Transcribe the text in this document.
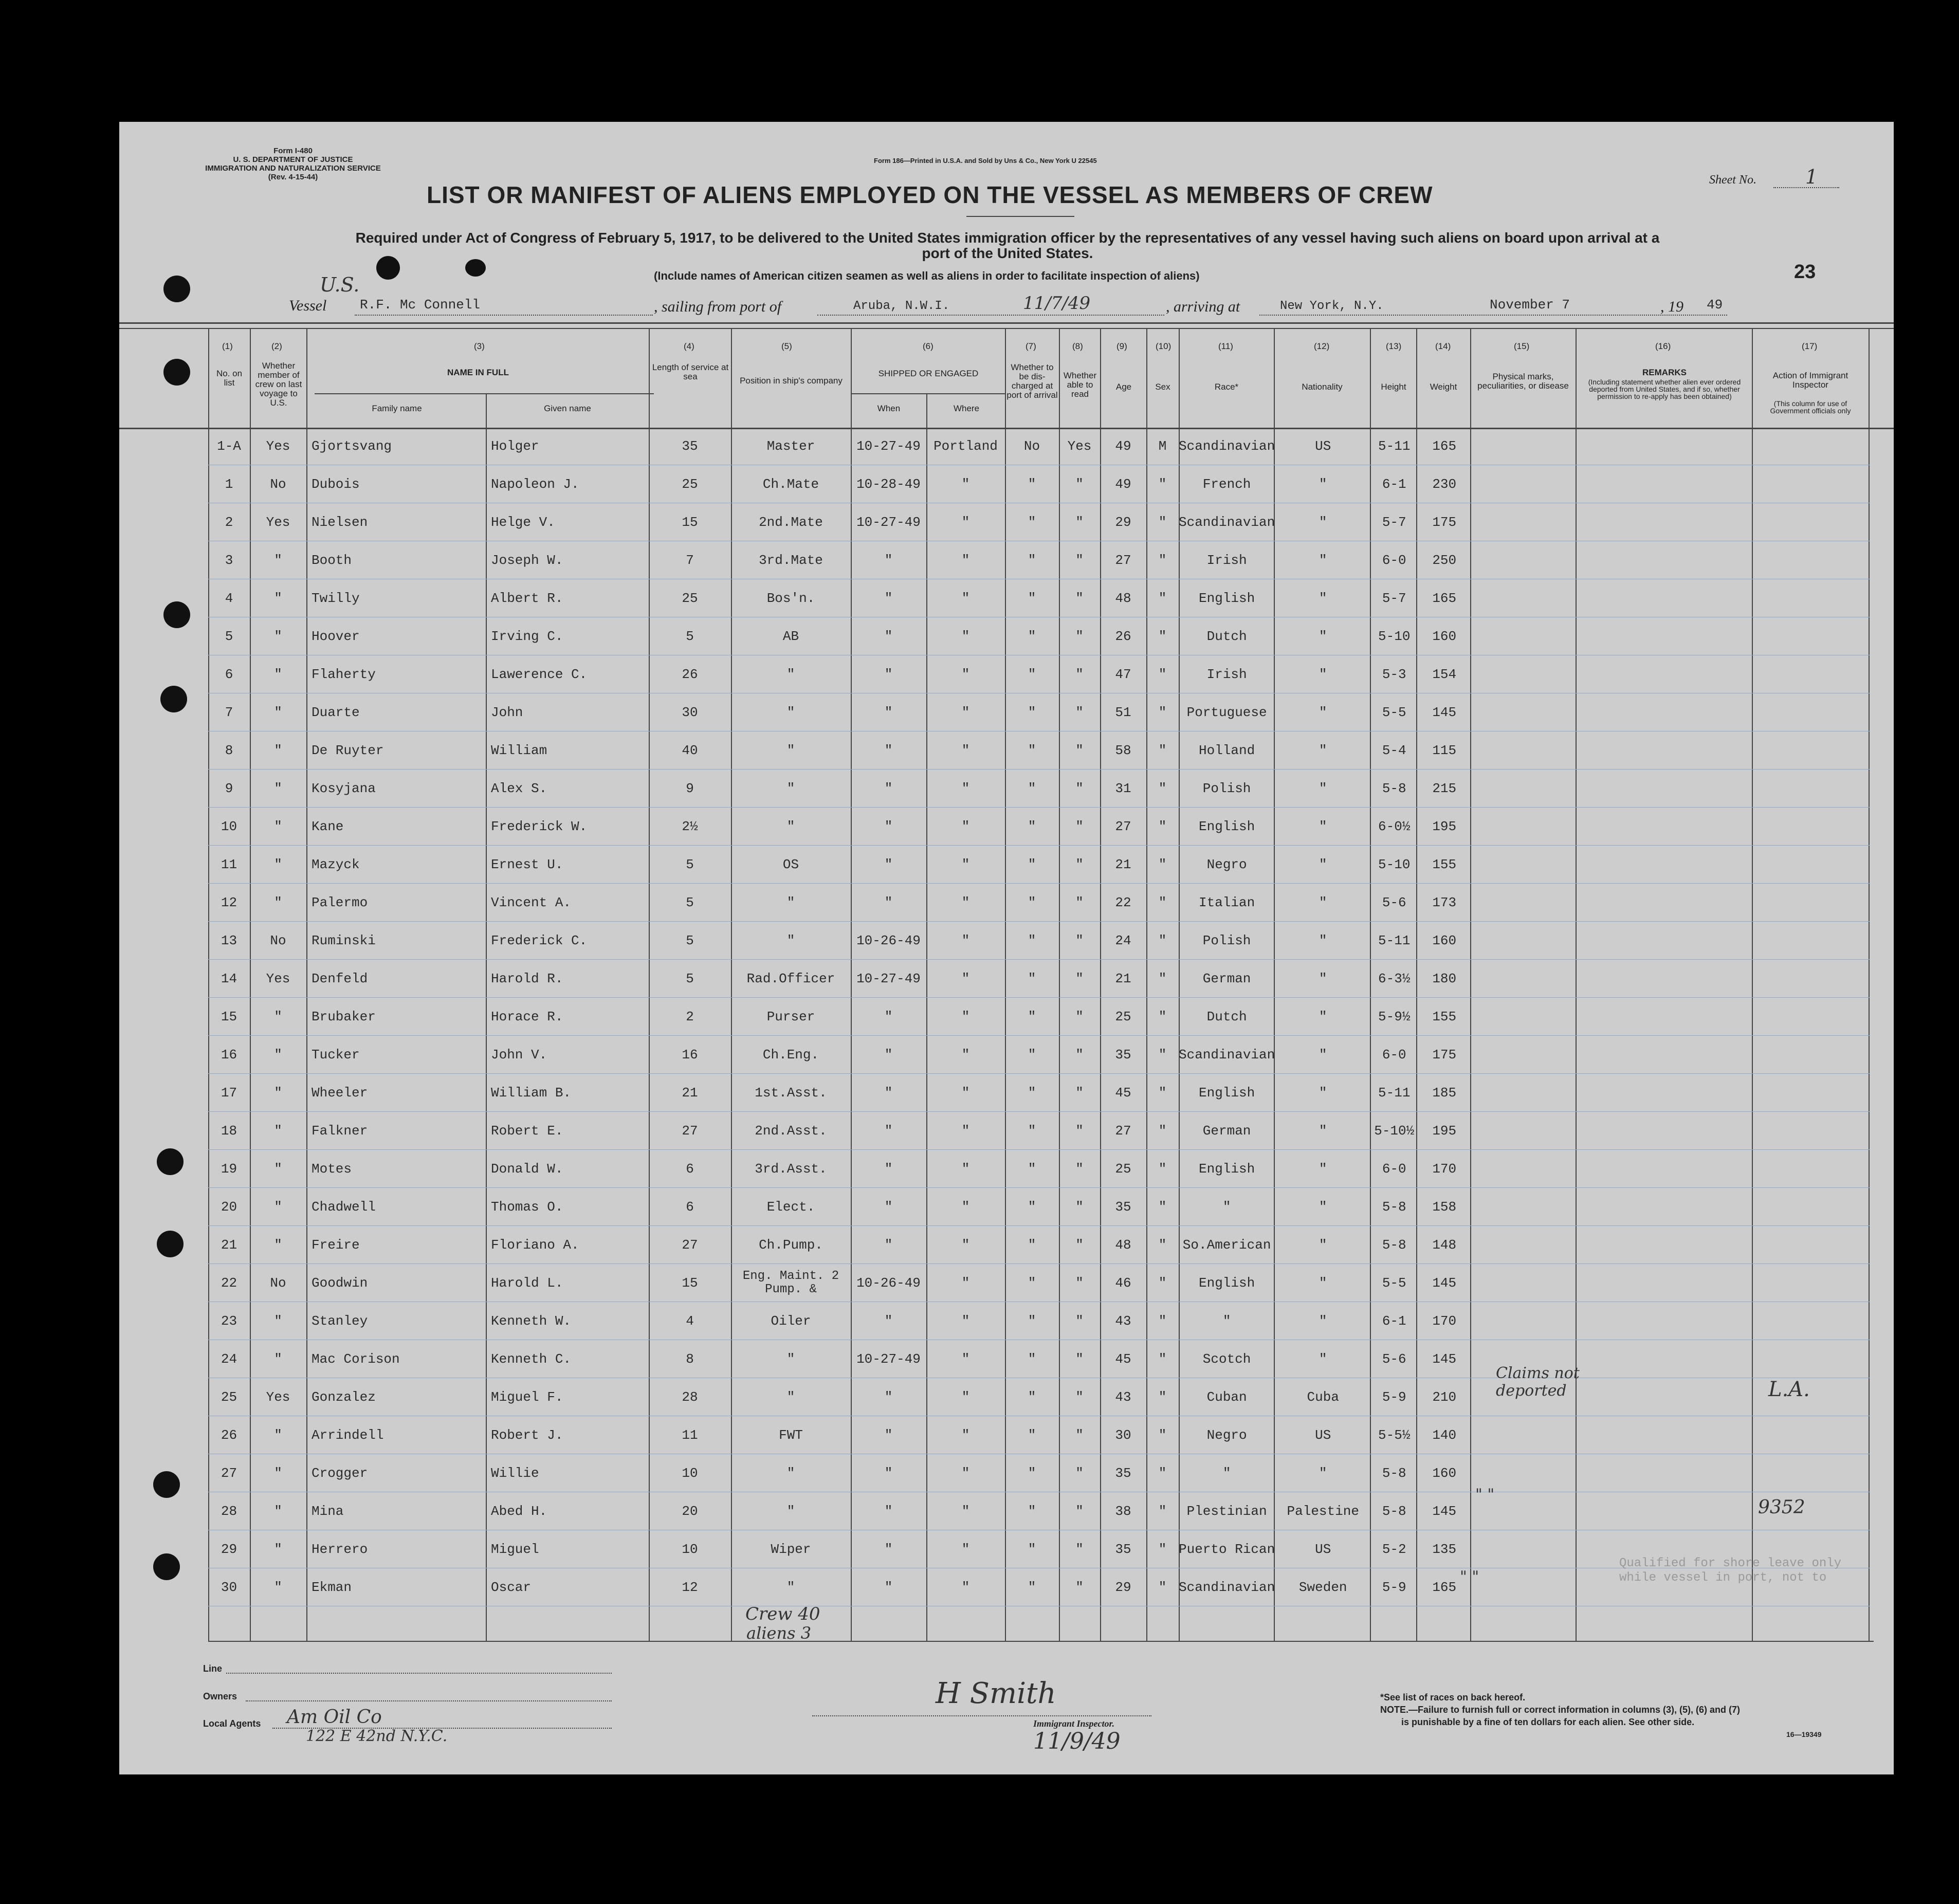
Form I-480
U. S. DEPARTMENT OF JUSTICE
IMMIGRATION AND NATURALIZATION SERVICE
(Rev. 4-15-44)
Form 186—Printed in U.S.A. and Sold by Uns & Co., New York U 22545
Sheet No.	1
LIST OR MANIFEST OF ALIENS EMPLOYED ON THE VESSEL AS MEMBERS OF CREW
Required under Act of Congress of February 5, 1917, to be delivered to the United States immigration officer by the representatives of any vessel having such aliens on board upon arrival at a
port of the United States.
(Include names of American citizen seamen as well as aliens in order to facilitate inspection of aliens)	23
U.S.
Vessel R.F. Mc Connell	, sailing from port of	Aruba, N.W.I.	11/7/49	, arriving at	New York, N.Y.	November 7	, 19 49
(1)	(2)	(3)	(4)	(5)	(6)	(7)	(8)	(9)	(10)	(11)	(12)	(13)	(14)	(15)	(16)	(17)
No. on list
Whether member of crew on last voyage to U.S.
NAME IN FULL
Family name	Given name
Length of service at sea	Position in ship's company
SHIPPED OR ENGAGED
When	Where
Whether to be dis-charged at port of arrival
Whether able to read
Age	Sex	Race*	Nationality	Height	Weight
Physical marks, peculiarities, or disease
REMARKS
(Including statement whether alien ever ordered deported from United States, and if so, whether permission to re-apply has been obtained)
Action of Immigrant Inspector
(This column for use of Government officials only
1-A	Yes	Gjortsvang	Holger	35	Master	10-27-49	Portland	No	Yes	49	M	Scandinavian	US	5-11	165			
1	No	Dubois	Napoleon J.	25	Ch.Mate	10-28-49	"	"	"	49	"	French	"	6-1	230			
2	Yes	Nielsen	Helge V.	15	2nd.Mate	10-27-49	"	"	"	29	"	Scandinavian	"	5-7	175			
3	"	Booth	Joseph W.	7	3rd.Mate	"	"	"	"	27	"	Irish	"	6-0	250			
4	"	Twilly	Albert R.	25	Bos'n.	"	"	"	"	48	"	English	"	5-7	165			
5	"	Hoover	Irving C.	5	AB	"	"	"	"	26	"	Dutch	"	5-10	160			
6	"	Flaherty	Lawerence C.	26	"	"	"	"	"	47	"	Irish	"	5-3	154			
7	"	Duarte	John	30	"	"	"	"	"	51	"	Portuguese	"	5-5	145			
8	"	De Ruyter	William	40	"	"	"	"	"	58	"	Holland	"	5-4	115			
9	"	Kosyjana	Alex S.	9	"	"	"	"	"	31	"	Polish	"	5-8	215			
10	"	Kane	Frederick W.	2½	"	"	"	"	"	27	"	English	"	6-0½	195			
11	"	Mazyck	Ernest U.	5	OS	"	"	"	"	21	"	Negro	"	5-10	155			
12	"	Palermo	Vincent A.	5	"	"	"	"	"	22	"	Italian	"	5-6	173			
13	No	Ruminski	Frederick C.	5	"	10-26-49	"	"	"	24	"	Polish	"	5-11	160			
14	Yes	Denfeld	Harold R.	5	Rad.Officer	10-27-49	"	"	"	21	"	German	"	6-3½	180			
15	"	Brubaker	Horace R.	2	Purser	"	"	"	"	25	"	Dutch	"	5-9½	155			
16	"	Tucker	John V.	16	Ch.Eng.	"	"	"	"	35	"	Scandinavian	"	6-0	175			
17	"	Wheeler	William B.	21	1st.Asst.	"	"	"	"	45	"	English	"	5-11	185			
18	"	Falkner	Robert E.	27	2nd.Asst.	"	"	"	"	27	"	German	"	5-10½	195			
19	"	Motes	Donald W.	6	3rd.Asst.	"	"	"	"	25	"	English	"	6-0	170			
20	"	Chadwell	Thomas O.	6	Elect.	"	"	"	"	35	"	"	"	5-8	158			
21	"	Freire	Floriano A.	27	Ch.Pump.	"	"	"	"	48	"	So.American	"	5-8	148			
22	No	Goodwin	Harold L.	15	Eng. Maint. 2 Pump. &	10-26-49	"	"	"	46	"	English	"	5-5	145			
23	"	Stanley	Kenneth W.	4	Oiler	"	"	"	"	43	"	"	"	6-1	170			
24	"	Mac Corison	Kenneth C.	8	"	10-27-49	"	"	"	45	"	Scotch	"	5-6	145			
25	Yes	Gonzalez	Miguel F.	28	"	"	"	"	"	43	"	Cuban	Cuba	5-9	210			
26	"	Arrindell	Robert J.	11	FWT	"	"	"	"	30	"	Negro	US	5-5½	140			
27	"	Crogger	Willie	10	"	"	"	"	"	35	"	"	"	5-8	160			
28	"	Mina	Abed H.	20	"	"	"	"	"	38	"	Plestinian	Palestine	5-8	145			
29	"	Herrero	Miguel	10	Wiper	"	"	"	"	35	"	Puerto Rican	US	5-2	135			
30	"	Ekman	Oscar	12	"	"	"	"	"	29	"	Scandinavian	Sweden	5-9	165			
Claims not deported	L.A.
" "
9352
" "
Qualified for shore leave only while vessel in port, not to
Crew 40
aliens 3
Line
Owners
Local Agents Am Oil Co
122 E 42nd N.Y.C.
H Smith
Immigrant Inspector.
11/9/49
*See list of races on back hereof.
NOTE.—Failure to furnish full or correct information in columns (3), (5), (6) and (7)
is punishable by a fine of ten dollars for each alien. See other side.
16—19349
